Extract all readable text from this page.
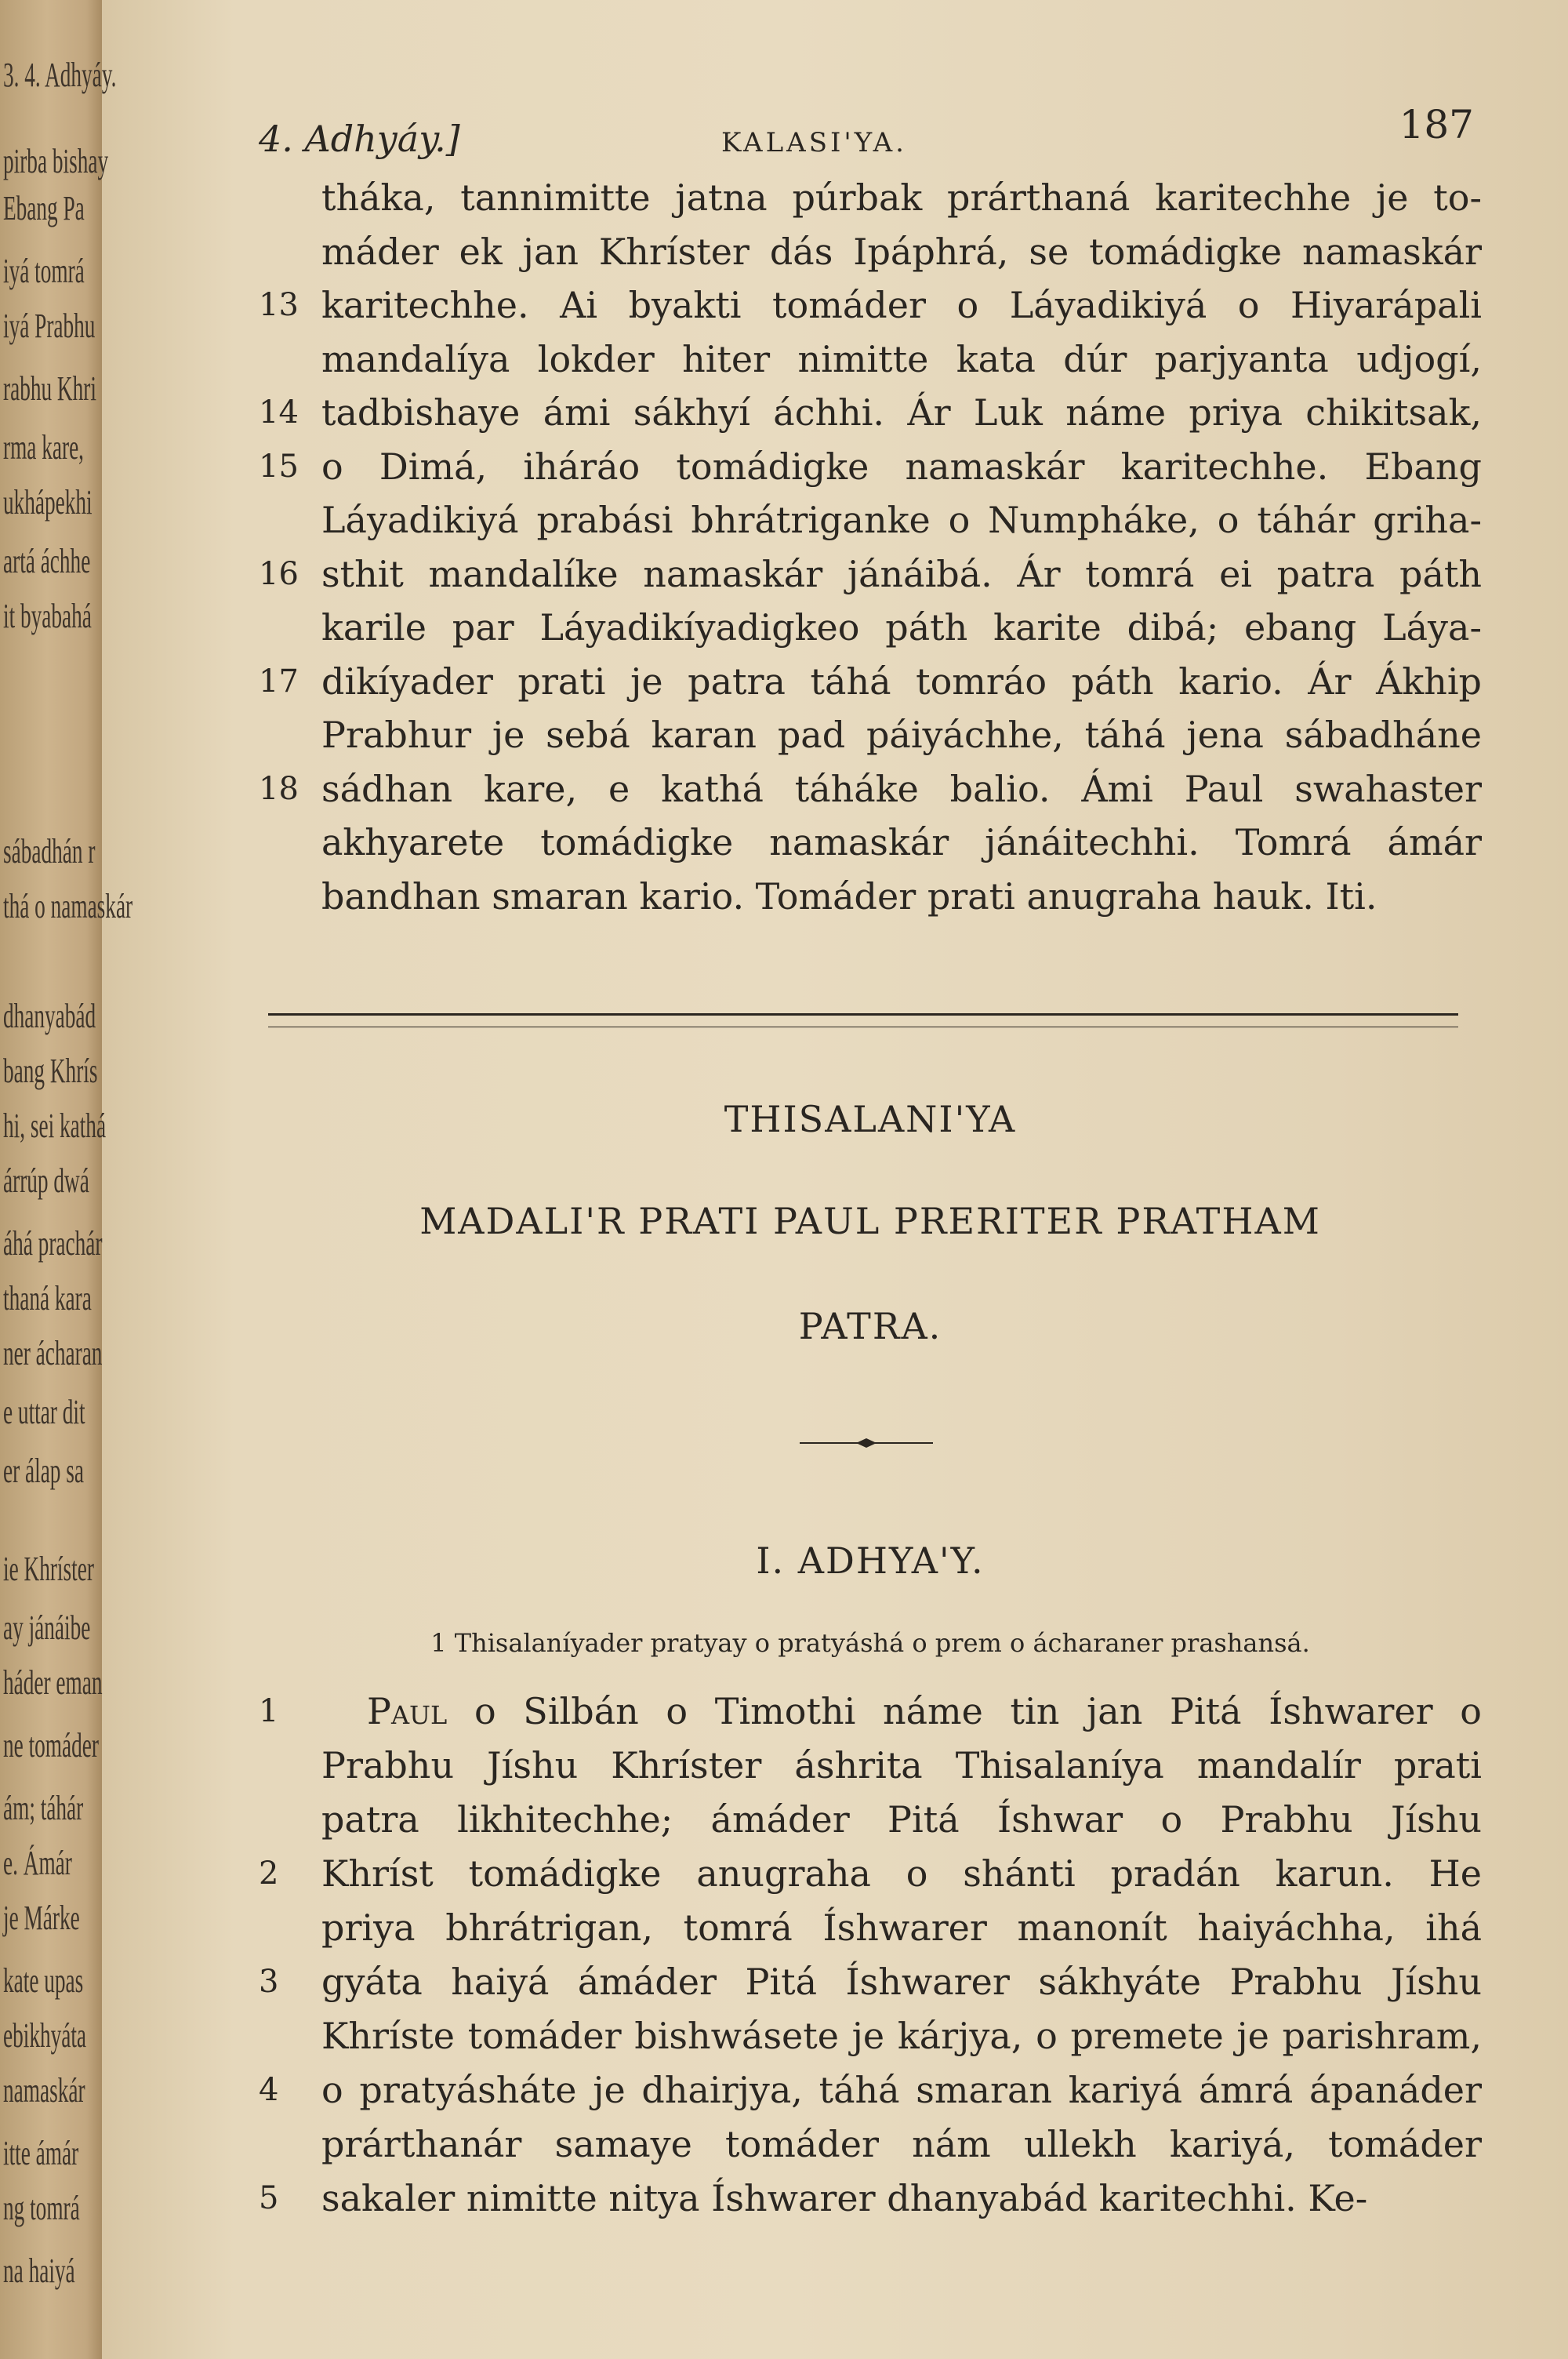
3. 4. Adhyáy.
pirba bishay
Ebang Pa
iyá tomrá
iyá Prabhu
rabhu Khri
rma kare,
ukhápekhi
artá áchhe
it byabahá
sábadhán r
thá o namaskár
dhanyabád
bang Khrís
hi, sei kathá
árrúp dwá
áhá prachár
thaná kara
ner ácharan
e uttar dit
er álap sa
ie Khríster
ay jánáibe
háder eman
ne tomáder
ám; táhár
e. Ámár
je Márke
kate upas
ebikhyáta
namaskár
itte ámár
ng tomrá
na haiyá
4. Adhyáy.]	KALASI'YA.	187
tháka, tannimitte jatna púrbak prárthaná karitechhe je to-
máder ek jan Khríster dás Ipáphrá, se tomádigke namaskár
13 karitechhe. Ai byakti tomáder o Láyadikiyá o Hiyarápali
mandalíya lokder hiter nimitte kata dúr parjyanta udjogí,
14 tadbishaye ámi sákhyí áchhi. Ár Luk náme priya chikitsak,
15 o Dimá, iháráo tomádigke namaskár karitechhe. Ebang
Láyadikiyá prabási bhrátriganke o Numpháke, o táhár griha-
16 sthit mandalíke namaskár jánáibá. Ár tomrá ei patra páth
karile par Láyadikíyadigkeo páth karite dibá; ebang Láya-
17 dikíyader prati je patra táhá tomráo páth kario. Ár Ákhip
Prabhur je sebá karan pad páiyáchhe, táhá jena sábadháne
18 sádhan kare, e kathá táháke balio. Ámi Paul swahaster
akhyarete tomádigke namaskár jánáitechhi. Tomrá ámár
bandhan smaran kario. Tomáder prati anugraha hauk. Iti.
THISALANI'YA
MADALI'R PRATI PAUL PRERITER PRATHAM
PATRA.
I. ADHYA'Y.
1 Thisalaníyader pratyay o pratyáshá o prem o ácharaner prashansá.
1	Paul o Silbán o Timothi náme tin jan Pitá Íshwarer o
Prabhu Jíshu Khríster áshrita Thisalaníya mandalír prati
patra likhitechhe; ámáder Pitá Íshwar o Prabhu Jíshu
2	Khríst tomádigke anugraha o shánti pradán karun. He
priya bhrátrigan, tomrá Íshwarer manonít haiyáchha, ihá
3	gyáta haiyá ámáder Pitá Íshwarer sákhyáte Prabhu Jíshu
Khríste tomáder bishwásete je kárjya, o premete je parishram,
4	o pratyásháte je dhairjya, táhá smaran kariyá ámrá ápanáder
prárthanár samaye tomáder nám ullekh kariyá, tomáder
5	sakaler nimitte nitya Íshwarer dhanyabád karitechhi. Ke-
